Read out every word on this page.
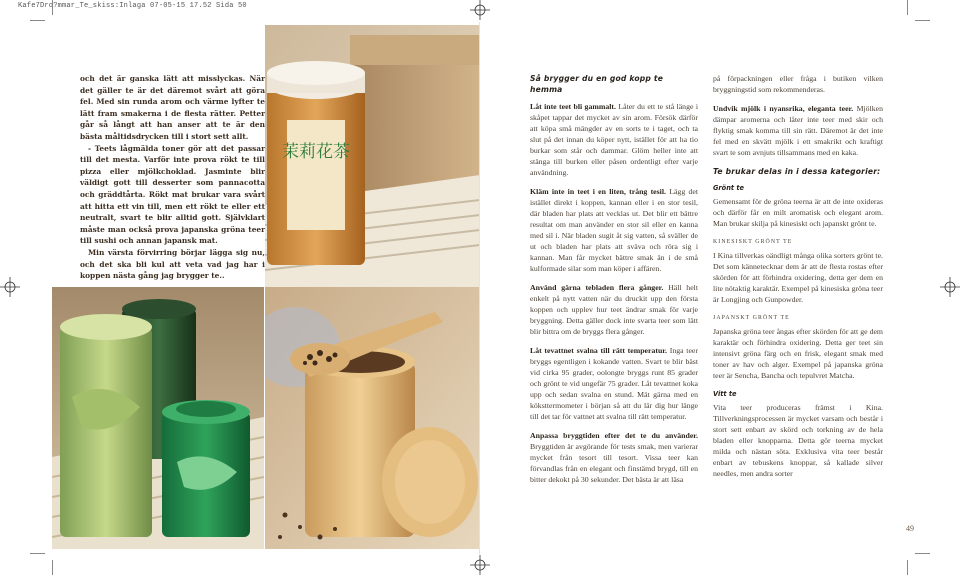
Kafe7Dro?mmar_Te_skiss:Inlaga 07-05-15 17.52 Sida 50

och det är ganska lätt att misslyckas. När det gäller te är det däremot svårt att göra fel. Med sin runda arom och värme lyfter te lätt fram smakerna i de flesta rätter. Petter går så långt att han anser att te är den bästa måltidsdrycken till i stort sett allt.

- Teets lågmälda toner gör att det passar till det mesta. Varför inte prova rökt te till pizza eller mjölkchoklad. Jasminte blir väldigt gott till desserter som pannacotta och gräddtårta. Rökt mat brukar vara svårt att hitta ett vin till, men ett rökt te eller ett neutralt, svart te blir alltid gott. Självklart måste man också prova japanska gröna teer till sushi och annan japansk mat.

Min värsta förvirring börjar lägga sig nu, och det ska bli kul att veta vad jag har i koppen nästa gång jag brygger te..

茉莉花茶
Så brygger du en god kopp te hemma

Låt inte teet bli gammalt. Låter du ett te stå länge i skåpet tappar det mycket av sin arom. Försök därför att köpa små mängder av en sorts te i taget, och ta slut på det innan du köper nytt, istället för att ha tio burkar som står och dammar. Glöm heller inte att stänga till burken eller påsen ordentligt efter varje användning.

Kläm inte in teet i en liten, trång tesil. Lägg det istället direkt i koppen, kannan eller i en stor tesil, där bladen har plats att vecklas ut. Det blir ett bättre resultat om man använder en stor sil eller en kanna med sil i. När bladen sugit åt sig vatten, så sväller de ut och bladen har plats att sväva och röra sig i kannan. Man får mycket bättre smak än i de små kulformade silar som man köper i affären.

Använd gärna tebladen flera gånger. Häll helt enkelt på nytt vatten när du druckit upp den första koppen och upplev hur teet ändrar smak för varje bryggning. Detta gäller dock inte svarta teer som lätt blir bittra om de bryggs flera gånger.

Låt tevattnet svalna till rätt temperatur. Inga teer bryggs egentligen i kokande vatten. Svart te blir bäst vid cirka 95 grader, oolongte bryggs runt 85 grader och grönt te vid ungefär 75 grader. Låt tevattnet koka upp och sedan svalna en stund. Mät gärna med en köksttermometer i början så att du lär dig hur länge till det tar för vattnet att svalna till rätt temperatur.

Anpassa bryggtiden efter det te du använder. Bryggtiden är avgörande för tests smak, men varierar mycket från tesort till tesort. Vissa teer kan förvandlas från en elegant och finstämd brygd, till en bitter dekokt på 30 sekunder. Det bästa är att läsa

på förpackningen eller fråga i butiken vilken bryggningstid som rekommenderas.

Undvik mjölk i nyansrika, eleganta teer. Mjölken dämpar aromerna och låter inte teer med skir och flyktig smak komma till sin rätt. Däremot är det inte fel med en skvätt mjölk i ett smakrikt och kraftigt svart te som avnjuts tillsammans med en kaka.

Te brukar delas in i dessa kategorier:
Grönt te

Gemensamt för de gröna teerna är att de inte oxideras och därför får en milt aromatisk och elegant arom. Man brukar skilja på kinesiskt och japanskt grönt te.

KINESISKT GRÖNT TE

I Kina tillverkas oändligt många olika sorters grönt te. Det som kännetecknar dem är att de flesta rostas efter skörden för att förhindra oxidering, detta ger dem en lite nötaktig karaktär. Exempel på kinesiska gröna teer är Longjing och Gunpowder.

JAPANSKT GRÖNT TE

Japanska gröna teer ångas efter skörden för att ge dem karaktär och förhindra oxidering. Detta ger teet sin intensivt gröna färg och en frisk, elegant smak med toner av hav och alger. Exempel på japanska gröna teer är Sencha, Bancha och tepulvret Matcha.

Vitt te

Vita teer produceras främst i Kina. Tillverkningsprocessen är mycket varsam och består i stort sett enbart av skörd och torkning av de hela bladen eller knopparna. Detta gör teerna mycket milda och nästan söta. Exklusiva vita teer består enbart av tebuskens knoppar, så kallade silver needles, men andra sorter

49
